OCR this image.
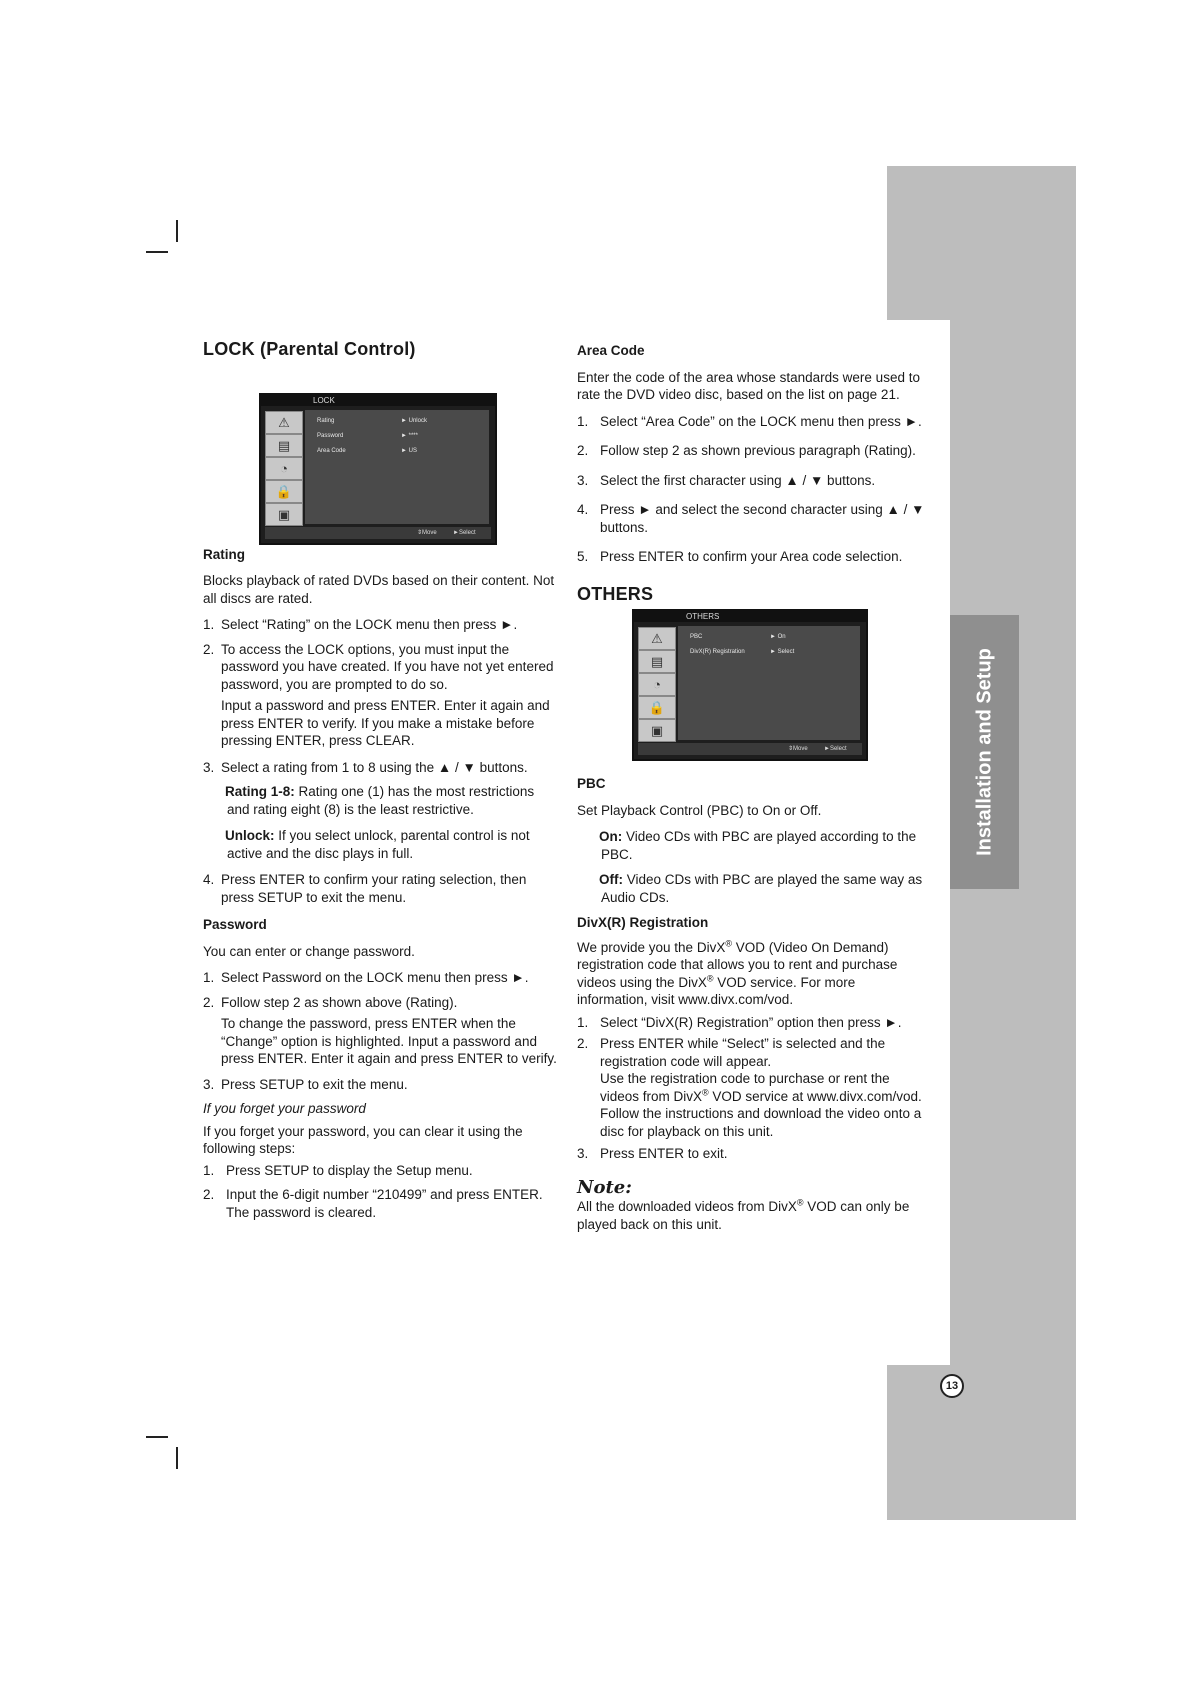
Installation and Setup
13
LOCK (Parental Control)
LOCK
⚠
▤
◔
🔒
▣
Rating	► Unlock
Password	► ****
Area Code	► US
⇕ Move	► Select
Rating

Blocks playback of rated DVDs based on their content. Not all discs are rated.

1. Select “Rating” on the LOCK menu then press ►.
2. To access the LOCK options, you must input the password you have created. If you have not yet entered password, you are prompted to do so.

Input a password and press ENTER. Enter it again and press ENTER to verify. If you make a mistake before pressing ENTER, press CLEAR.

3. Select a rating from 1 to 8 using the ▲ / ▼ buttons.

Rating 1-8: Rating one (1) has the most restrictions and rating eight (8) is the least restrictive.

Unlock: If you select unlock, parental control is not active and the disc plays in full.

4. Press ENTER to confirm your rating selection, then press SETUP to exit the menu.
Password

You can enter or change password.

1. Select Password on the LOCK menu then press ►.
2. Follow step 2 as shown above (Rating).

To change the password, press ENTER when the “Change” option is highlighted. Input a password and press ENTER. Enter it again and press ENTER to verify.

3. Press SETUP to exit the menu.

If you forget your password

If you forget your password, you can clear it using the following steps:

1. Press SETUP to display the Setup menu.
2. Input the 6-digit number “210499” and press ENTER. The password is cleared.
Area Code

Enter the code of the area whose standards were used to rate the DVD video disc, based on the list on page 21.

1. Select “Area Code” on the LOCK menu then press ►.
2. Follow step 2 as shown previous paragraph (Rating).
3. Select the first character using ▲ / ▼ buttons.
4. Press ► and select the second character using ▲ / ▼ buttons.
5. Press ENTER to confirm your Area code selection.
OTHERS
OTHERS
⚠
▤
◔
🔒
▣
PBC	► On
DivX(R) Registration	► Select
⇕ Move	► Select
PBC

Set Playback Control (PBC) to On or Off.

On: Video CDs with PBC are played according to the PBC.

Off: Video CDs with PBC are played the same way as Audio CDs.

DivX(R) Registration

We provide you the DivX® VOD (Video On Demand) registration code that allows you to rent and purchase videos using the DivX® VOD service. For more information, visit www.divx.com/vod.

1. Select “DivX(R) Registration” option then press ►.
2. Press ENTER while “Select” is selected and the registration code will appear.

Use the registration code to purchase or rent the videos from DivX® VOD service at www.divx.com/vod. Follow the instructions and download the video onto a disc for playback on this unit.

3. Press ENTER to exit.

Note:

All the downloaded videos from DivX® VOD can only be played back on this unit.
